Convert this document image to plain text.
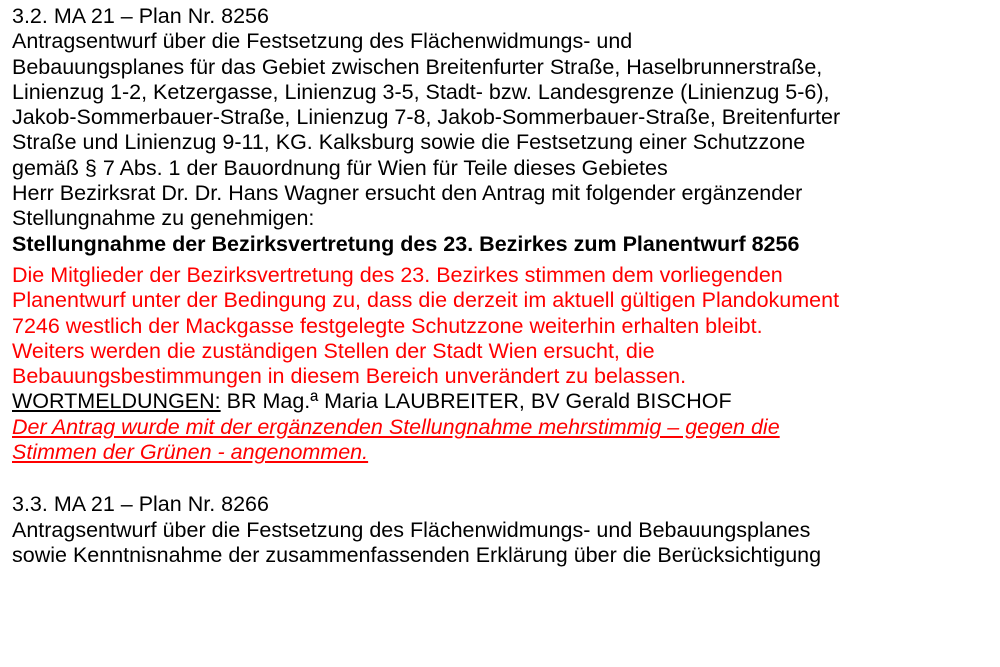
3.2. MA 21 – Plan Nr. 8256
Antragsentwurf über die Festsetzung des Flächenwidmungs- und
Bebauungsplanes für das Gebiet zwischen Breitenfurter Straße, Haselbrunnerstraße,
Linienzug 1-2, Ketzergasse, Linienzug 3-5, Stadt- bzw. Landesgrenze (Linienzug 5-6),
Jakob-Sommerbauer-Straße, Linienzug 7-8, Jakob-Sommerbauer-Straße, Breitenfurter
Straße und Linienzug 9-11, KG. Kalksburg sowie die Festsetzung einer Schutzzone
gemäß § 7 Abs. 1 der Bauordnung für Wien für Teile dieses Gebietes
Herr Bezirksrat Dr. Dr. Hans Wagner ersucht den Antrag mit folgender ergänzender
Stellungnahme zu genehmigen:
Stellungnahme der Bezirksvertretung des 23. Bezirkes zum Planentwurf 8256
Die Mitglieder der Bezirksvertretung des 23. Bezirkes stimmen dem vorliegenden
Planentwurf unter der Bedingung zu, dass die derzeit im aktuell gültigen Plandokument
7246 westlich der Mackgasse festgelegte Schutzzone weiterhin erhalten bleibt.
Weiters werden die zuständigen Stellen der Stadt Wien ersucht, die
Bebauungsbestimmungen in diesem Bereich unverändert zu belassen.
WORTMELDUNGEN: BR Mag.ª Maria LAUBREITER, BV Gerald BISCHOF
Der Antrag wurde mit der ergänzenden Stellungnahme mehrstimmig – gegen die
Stimmen der Grünen - angenommen.
3.3. MA 21 – Plan Nr. 8266
Antragsentwurf über die Festsetzung des Flächenwidmungs- und Bebauungsplanes
sowie Kenntnisnahme der zusammenfassenden Erklärung über die Berücksichtigung
